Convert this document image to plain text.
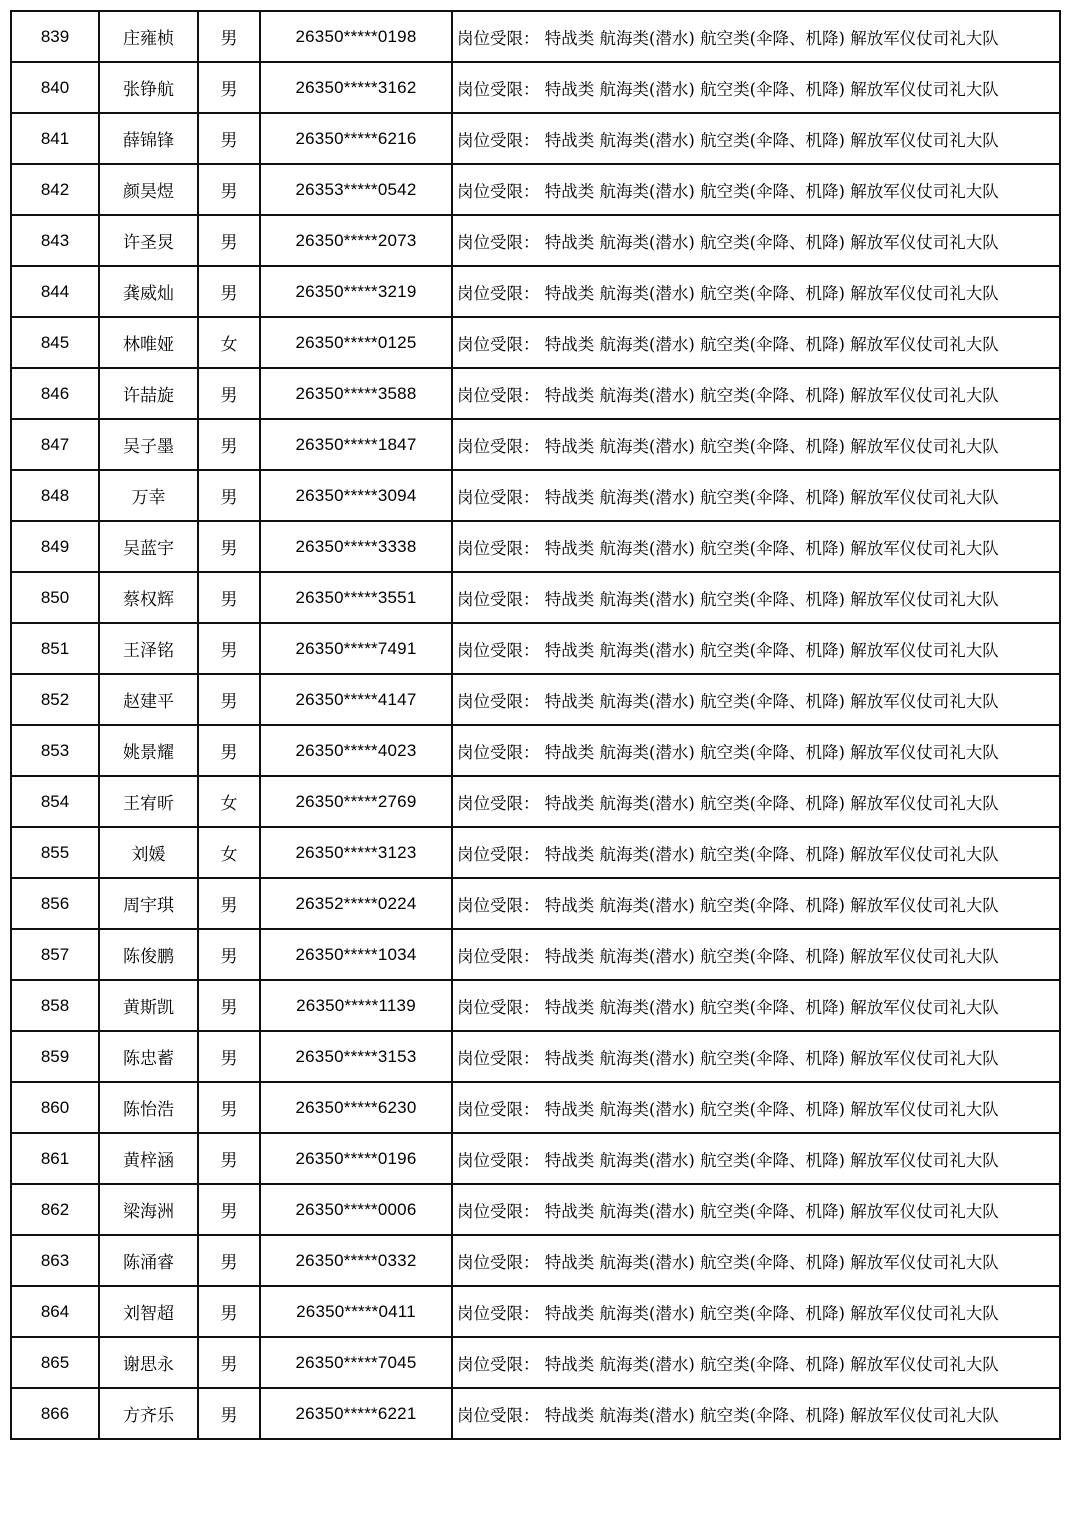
839	庄雍桢	男	26350*****0198	岗位受限： 特战类 航海类(潜水) 航空类(伞降、机降) 解放军仪仗司礼大队
840	张铮航	男	26350*****3162	岗位受限： 特战类 航海类(潜水) 航空类(伞降、机降) 解放军仪仗司礼大队
841	薛锦锋	男	26350*****6216	岗位受限： 特战类 航海类(潜水) 航空类(伞降、机降) 解放军仪仗司礼大队
842	颜昊煜	男	26353*****0542	岗位受限： 特战类 航海类(潜水) 航空类(伞降、机降) 解放军仪仗司礼大队
843	许圣炅	男	26350*****2073	岗位受限： 特战类 航海类(潜水) 航空类(伞降、机降) 解放军仪仗司礼大队
844	龚威灿	男	26350*****3219	岗位受限： 特战类 航海类(潜水) 航空类(伞降、机降) 解放军仪仗司礼大队
845	林唯娅	女	26350*****0125	岗位受限： 特战类 航海类(潜水) 航空类(伞降、机降) 解放军仪仗司礼大队
846	许喆旋	男	26350*****3588	岗位受限： 特战类 航海类(潜水) 航空类(伞降、机降) 解放军仪仗司礼大队
847	吴子墨	男	26350*****1847	岗位受限： 特战类 航海类(潜水) 航空类(伞降、机降) 解放军仪仗司礼大队
848	万幸	男	26350*****3094	岗位受限： 特战类 航海类(潜水) 航空类(伞降、机降) 解放军仪仗司礼大队
849	吴蓝宇	男	26350*****3338	岗位受限： 特战类 航海类(潜水) 航空类(伞降、机降) 解放军仪仗司礼大队
850	蔡权辉	男	26350*****3551	岗位受限： 特战类 航海类(潜水) 航空类(伞降、机降) 解放军仪仗司礼大队
851	王泽铭	男	26350*****7491	岗位受限： 特战类 航海类(潜水) 航空类(伞降、机降) 解放军仪仗司礼大队
852	赵建平	男	26350*****4147	岗位受限： 特战类 航海类(潜水) 航空类(伞降、机降) 解放军仪仗司礼大队
853	姚景耀	男	26350*****4023	岗位受限： 特战类 航海类(潜水) 航空类(伞降、机降) 解放军仪仗司礼大队
854	王宥昕	女	26350*****2769	岗位受限： 特战类 航海类(潜水) 航空类(伞降、机降) 解放军仪仗司礼大队
855	刘媛	女	26350*****3123	岗位受限： 特战类 航海类(潜水) 航空类(伞降、机降) 解放军仪仗司礼大队
856	周宇琪	男	26352*****0224	岗位受限： 特战类 航海类(潜水) 航空类(伞降、机降) 解放军仪仗司礼大队
857	陈俊鹏	男	26350*****1034	岗位受限： 特战类 航海类(潜水) 航空类(伞降、机降) 解放军仪仗司礼大队
858	黄斯凯	男	26350*****1139	岗位受限： 特战类 航海类(潜水) 航空类(伞降、机降) 解放军仪仗司礼大队
859	陈忠蓄	男	26350*****3153	岗位受限： 特战类 航海类(潜水) 航空类(伞降、机降) 解放军仪仗司礼大队
860	陈怡浩	男	26350*****6230	岗位受限： 特战类 航海类(潜水) 航空类(伞降、机降) 解放军仪仗司礼大队
861	黄梓涵	男	26350*****0196	岗位受限： 特战类 航海类(潜水) 航空类(伞降、机降) 解放军仪仗司礼大队
862	梁海洲	男	26350*****0006	岗位受限： 特战类 航海类(潜水) 航空类(伞降、机降) 解放军仪仗司礼大队
863	陈涌睿	男	26350*****0332	岗位受限： 特战类 航海类(潜水) 航空类(伞降、机降) 解放军仪仗司礼大队
864	刘智超	男	26350*****0411	岗位受限： 特战类 航海类(潜水) 航空类(伞降、机降) 解放军仪仗司礼大队
865	谢思永	男	26350*****7045	岗位受限： 特战类 航海类(潜水) 航空类(伞降、机降) 解放军仪仗司礼大队
866	方齐乐	男	26350*****6221	岗位受限： 特战类 航海类(潜水) 航空类(伞降、机降) 解放军仪仗司礼大队
